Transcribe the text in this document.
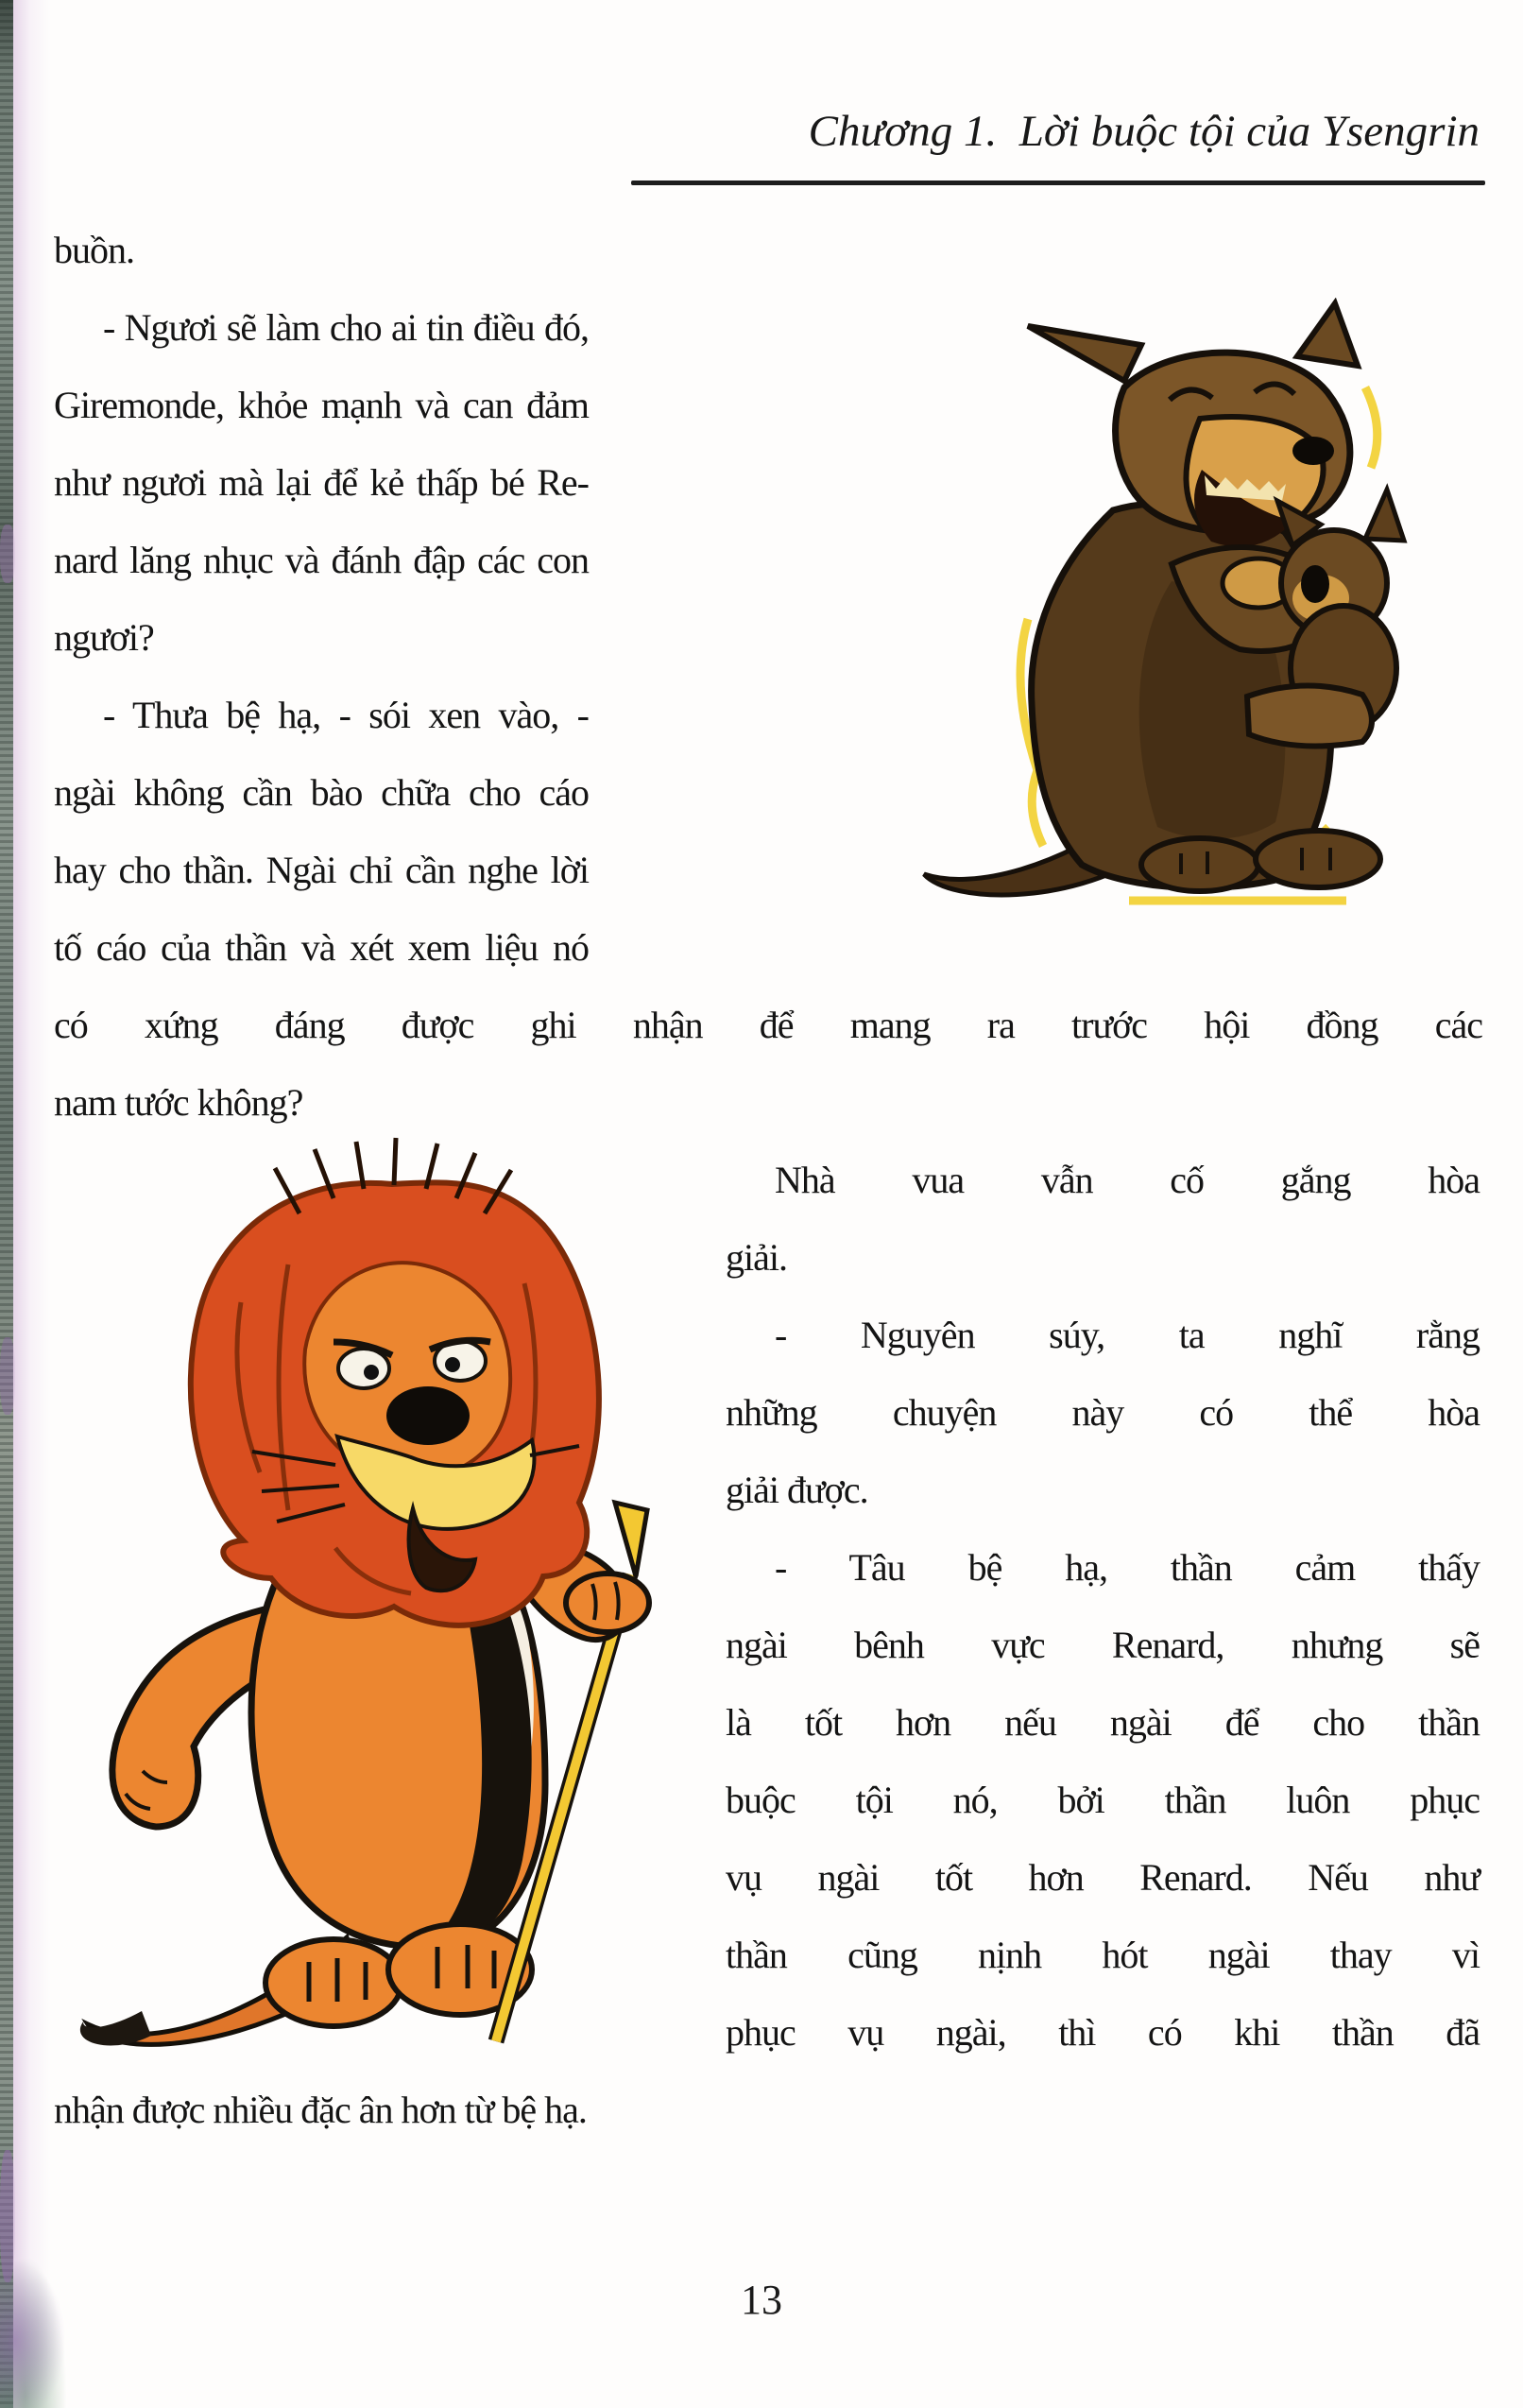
Chương 1.  Lời buộc tội của Ysengrin
buồn.
- Ngươi sẽ làm cho ai tin điều đó,
Giremonde, khỏe mạnh và can đảm
như ngươi mà lại để kẻ thấp bé Re-
nard lăng nhục và đánh đập các con
ngươi?
- Thưa bệ hạ, - sói xen vào, -
ngài không cần bào chữa cho cáo
hay cho thần. Ngài chỉ cần nghe lời
tố cáo của thần và xét xem liệu nó
có xứng đáng được ghi nhận để mang ra trước hội đồng các
nam tước không?
Nhà vua vẫn cố gắng hòa
giải.
- Nguyên súy, ta nghĩ rằng
những chuyện này có thể hòa
giải được.
- Tâu bệ hạ, thần cảm thấy
ngài bênh vực Renard, nhưng sẽ
là tốt hơn nếu ngài để cho thần
buộc tội nó, bởi thần luôn phục
vụ ngài tốt hơn Renard. Nếu như
thần cũng nịnh hót ngài thay vì
phục vụ ngài, thì có khi thần đã
nhận được nhiều đặc ân hơn từ bệ hạ.
13
